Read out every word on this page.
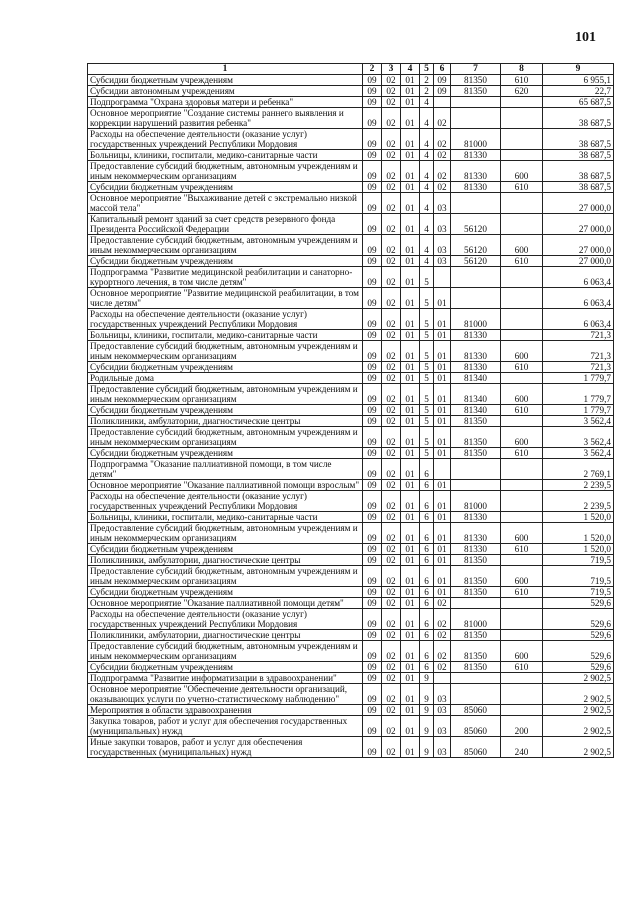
101
1	2	3	4	5	6	7	8	9
Субсидии бюджетным учреждениям	09	02	01	2	09	81350	610	6 955,1
Субсидии автономным учреждениям	09	02	01	2	09	81350	620	22,7
Подпрограмма "Охрана здоровья матери и ребенка"	09	02	01	4				65 687,5
Основное мероприятие "Создание системы раннего выявления и коррекции нарушений развития ребенка"	09	02	01	4	02			38 687,5
Расходы на обеспечение деятельности (оказание услуг) государственных учреждений Республики Мордовия	09	02	01	4	02	81000		38 687,5
Больницы, клиники, госпитали, медико-санитарные части	09	02	01	4	02	81330		38 687,5
Предоставление субсидий бюджетным, автономным учреждениям и иным некоммерческим организациям	09	02	01	4	02	81330	600	38 687,5
Субсидии бюджетным учреждениям	09	02	01	4	02	81330	610	38 687,5
Основное мероприятие "Выхаживание детей с экстремально низкой массой тела"	09	02	01	4	03			27 000,0
Капитальный ремонт зданий за счет средств резервного фонда Президента Российской Федерации	09	02	01	4	03	56120		27 000,0
Предоставление субсидий бюджетным, автономным учреждениям и иным некоммерческим организациям	09	02	01	4	03	56120	600	27 000,0
Субсидии бюджетным учреждениям	09	02	01	4	03	56120	610	27 000,0
Подпрограмма "Развитие медицинской реабилитации и санаторно-курортного лечения, в том числе детям"	09	02	01	5				6 063,4
Основное мероприятие "Развитие медицинской реабилитации, в том числе детям"	09	02	01	5	01			6 063,4
Расходы на обеспечение деятельности (оказание услуг) государственных учреждений Республики Мордовия	09	02	01	5	01	81000		6 063,4
Больницы, клиники, госпитали, медико-санитарные части	09	02	01	5	01	81330		721,3
Предоставление субсидий бюджетным, автономным учреждениям и иным некоммерческим организациям	09	02	01	5	01	81330	600	721,3
Субсидии бюджетным учреждениям	09	02	01	5	01	81330	610	721,3
Родильные дома	09	02	01	5	01	81340		1 779,7
Предоставление субсидий бюджетным, автономным учреждениям и иным некоммерческим организациям	09	02	01	5	01	81340	600	1 779,7
Субсидии бюджетным учреждениям	09	02	01	5	01	81340	610	1 779,7
Поликлиники, амбулатории, диагностические центры	09	02	01	5	01	81350		3 562,4
Предоставление субсидий бюджетным, автономным учреждениям и иным некоммерческим организациям	09	02	01	5	01	81350	600	3 562,4
Субсидии бюджетным учреждениям	09	02	01	5	01	81350	610	3 562,4
Подпрограмма "Оказание паллиативной помощи, в том числе детям"	09	02	01	6				2 769,1
Основное мероприятие "Оказание паллиативной помощи взрослым"	09	02	01	6	01			2 239,5
Расходы на обеспечение деятельности (оказание услуг) государственных учреждений Республики Мордовия	09	02	01	6	01	81000		2 239,5
Больницы, клиники, госпитали, медико-санитарные части	09	02	01	6	01	81330		1 520,0
Предоставление субсидий бюджетным, автономным учреждениям и иным некоммерческим организациям	09	02	01	6	01	81330	600	1 520,0
Субсидии бюджетным учреждениям	09	02	01	6	01	81330	610	1 520,0
Поликлиники, амбулатории, диагностические центры	09	02	01	6	01	81350		719,5
Предоставление субсидий бюджетным, автономным учреждениям и иным некоммерческим организациям	09	02	01	6	01	81350	600	719,5
Субсидии бюджетным учреждениям	09	02	01	6	01	81350	610	719,5
Основное мероприятие "Оказание паллиативной помощи детям"	09	02	01	6	02			529,6
Расходы на обеспечение деятельности (оказание услуг) государственных учреждений Республики Мордовия	09	02	01	6	02	81000		529,6
Поликлиники, амбулатории, диагностические центры	09	02	01	6	02	81350		529,6
Предоставление субсидий бюджетным, автономным учреждениям и иным некоммерческим организациям	09	02	01	6	02	81350	600	529,6
Субсидии бюджетным учреждениям	09	02	01	6	02	81350	610	529,6
Подпрограмма "Развитие информатизации в здравоохранении"	09	02	01	9				2 902,5
Основное мероприятие "Обеспечение деятельности организаций, оказывающих услуги по учетно-статистическому наблюдению"	09	02	01	9	03			2 902,5
Мероприятия в области здравоохранения	09	02	01	9	03	85060		2 902,5
Закупка товаров, работ и услуг для обеспечения государственных (муниципальных) нужд	09	02	01	9	03	85060	200	2 902,5
Иные закупки товаров, работ и услуг для обеспечения государственных (муниципальных) нужд	09	02	01	9	03	85060	240	2 902,5
